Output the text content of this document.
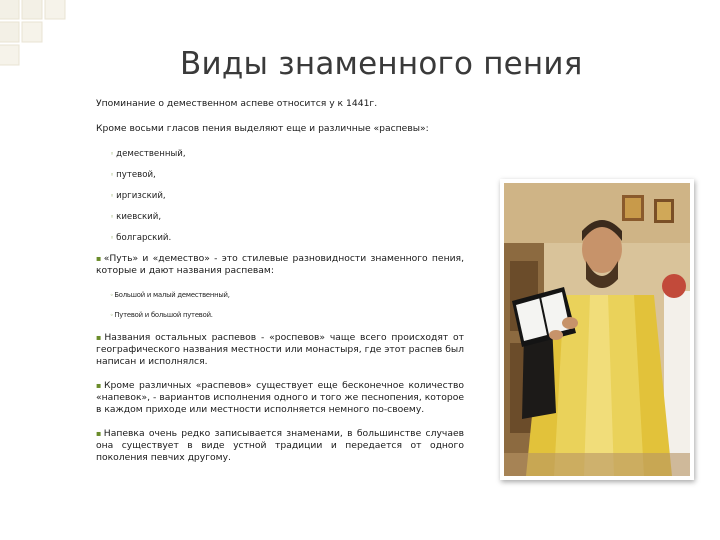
Виды знаменного пения

Упоминание о демественном аспеве относится у к 1441г.

Кроме восьми гласов пения выделяют еще и различные «распевы»:

◦ демественный,
◦ путевой,
◦ иргизский,
◦ киевский,
◦ болгарский.
▪«Путь» и «демество» - это стилевые разновидности знаменного пения, которые и дают названия распевам:
◦Большой и малый демественный,
◦Путевой и большой путевой.
▪Названия остальных распевов - «роспевов» чаще всего происходят от географического названия местности или монастыря, где этот распев был написан и исполнялся.
▪Кроме различных «распевов» существует еще бесконечное количество «напевок», - вариантов исполнения одного и того же песнопения, которое в каждом приходе или местности исполняется немного по-своему.
▪Напевка очень редко записывается знаменами, в большинстве случаев она существует в виде устной традиции и передается от одного поколения певчих другому.
